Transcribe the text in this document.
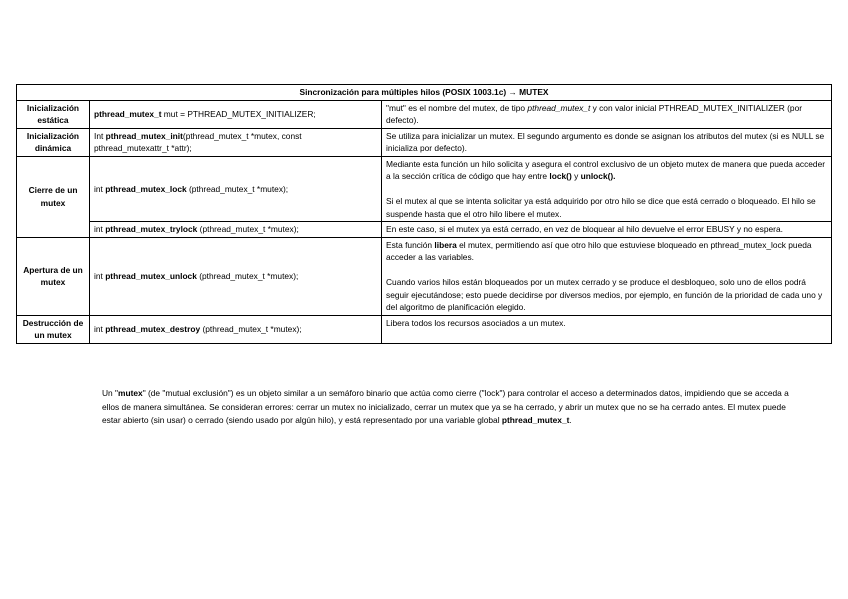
Sincronización para múltiples hilos (POSIX 1003.1c) → MUTEX		
Inicialización estática	pthread_mutex_t mut = PTHREAD_MUTEX_INITIALIZER;	"mut" es el nombre del mutex, de tipo pthread_mutex_t y con valor inicial PTHREAD_MUTEX_INITIALIZER (por defecto).
Inicialización dinámica	Int pthread_mutex_init(pthread_mutex_t *mutex, const pthread_mutexattr_t *attr);	Se utiliza para inicializar un mutex. El segundo argumento es donde se asignan los atributos del mutex (si es NULL se inicializa por defecto).
Cierre de un mutex	int pthread_mutex_lock (pthread_mutex_t *mutex);	Mediante esta función un hilo solicita y asegura el control exclusivo de un objeto mutex de manera que pueda acceder a la sección crítica de código que hay entre lock() y unlock().
Si el mutex al que se intenta solicitar ya está adquirido por otro hilo se dice que está cerrado o bloqueado. El hilo se suspende hasta que el otro hilo libere el mutex.

	int pthread_mutex_trylock (pthread_mutex_t *mutex);	En este caso, si el mutex ya está cerrado, en vez de bloquear al hilo devuelve el error EBUSY y no espera.
Apertura de un mutex	int pthread_mutex_unlock (pthread_mutex_t *mutex);	Esta función libera el mutex, permitiendo así que otro hilo que estuviese bloqueado en pthread_mutex_lock pueda acceder a las variables.
Cuando varios hilos están bloqueados por un mutex cerrado y se produce el desbloqueo, solo uno de ellos podrá seguir ejecutándose; esto puede decidirse por diversos medios, por ejemplo, en función de la prioridad de cada uno y del algoritmo de planificación elegido.

Destrucción de un mutex	int pthread_mutex_destroy (pthread_mutex_t *mutex);	Libera todos los recursos asociados a un mutex.

Un "mutex" (de "mutual exclusión") es un objeto similar a un semáforo binario que actúa como cierre ("lock") para controlar el acceso a determinados datos, impidiendo que se acceda a ellos de manera simultánea. Se consideran errores: cerrar un mutex no inicializado, cerrar un mutex que ya se ha cerrado, y abrir un mutex que no se ha cerrado antes. El mutex puede estar abierto (sin usar) o cerrado (siendo usado por algún hilo), y está representado por una variable global pthread_mutex_t.
